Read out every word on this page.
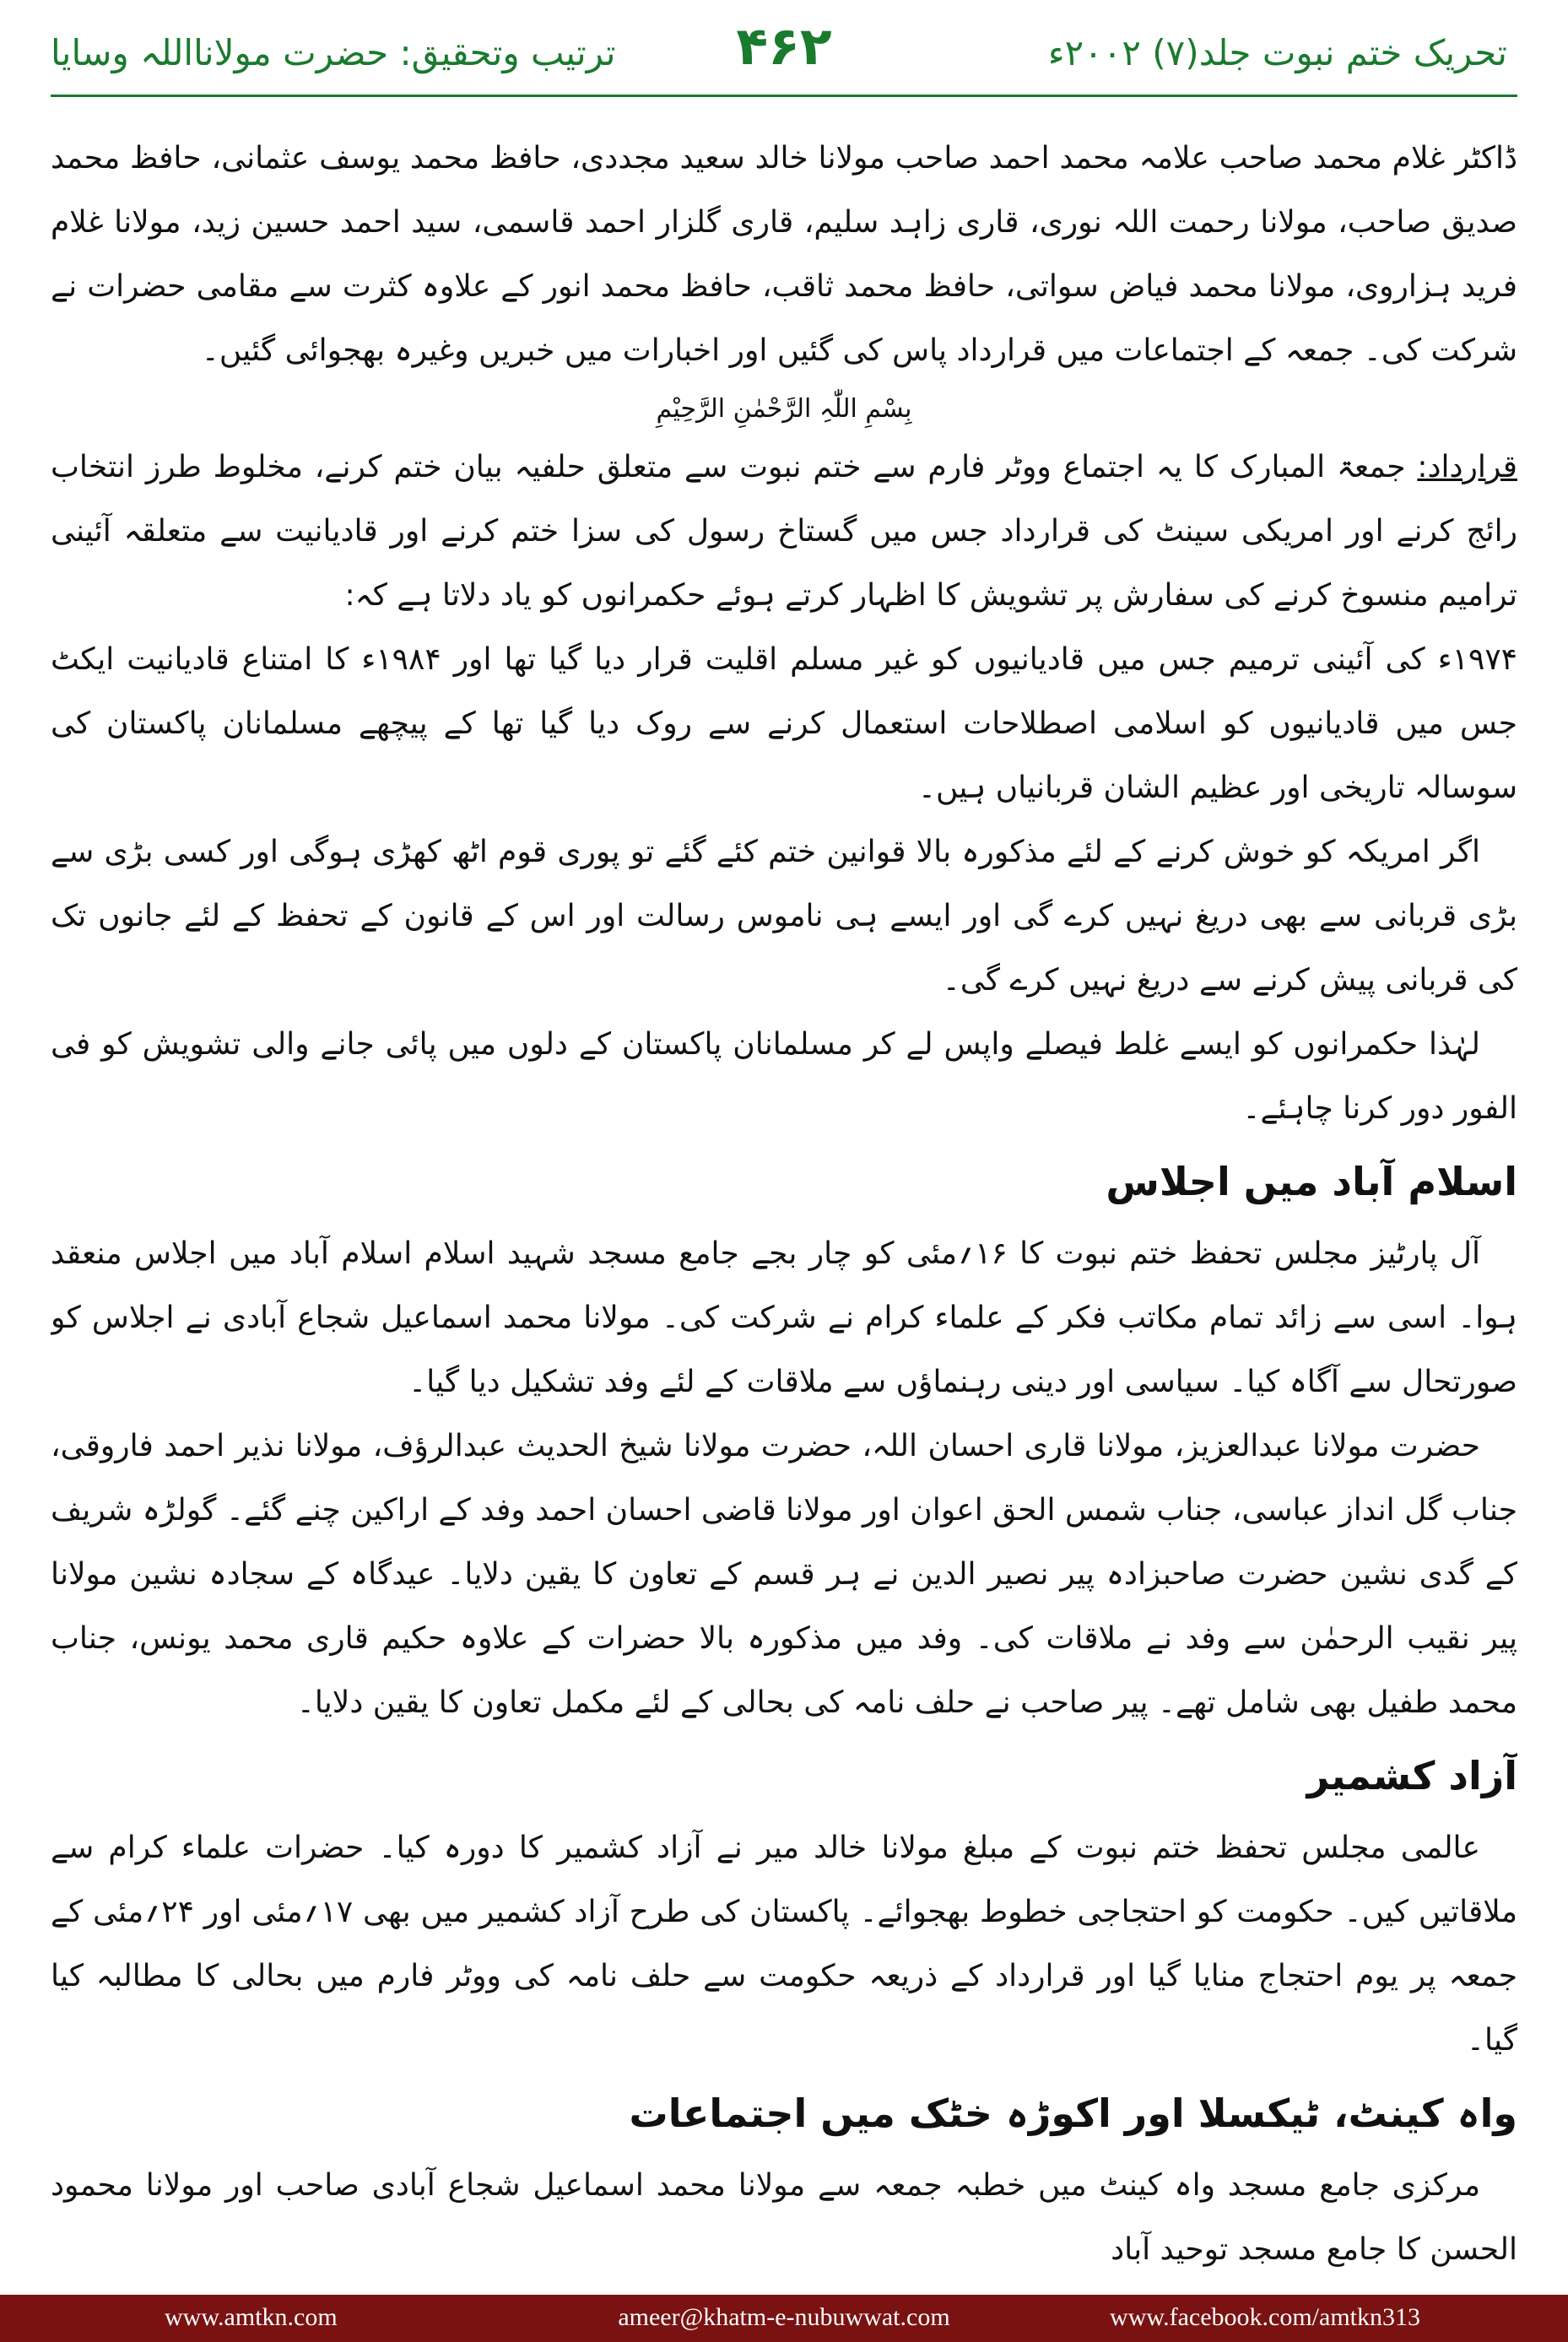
تحریک ختم نبوت جلد(۷) ۲۰۰۲ء
۴۶۲
ترتیب وتحقیق: حضرت مولانااللہ وسایا

ڈاکٹر غلام محمد صاحب علامہ محمد احمد صاحب مولانا خالد سعید مجددی، حافظ محمد یوسف عثمانی، حافظ محمد صدیق صاحب، مولانا رحمت اللہ نوری، قاری زاہد سلیم، قاری گلزار احمد قاسمی، سید احمد حسین زید، مولانا غلام فرید ہزاروی، مولانا محمد فیاض سواتی، حافظ محمد ثاقب، حافظ محمد انور کے علاوہ کثرت سے مقامی حضرات نے شرکت کی۔ جمعہ کے اجتماعات میں قرارداد پاس کی گئیں اور اخبارات میں خبریں وغیرہ بھجوائی گئیں۔

بِسْمِ اللّٰہِ الرَّحْمٰنِ الرَّحِیْمِ

قرارداد: جمعۃ المبارک کا یہ اجتماع ووٹر فارم سے ختم نبوت سے متعلق حلفیہ بیان ختم کرنے، مخلوط طرز انتخاب رائج کرنے اور امریکی سینٹ کی قرارداد جس میں گستاخ رسول کی سزا ختم کرنے اور قادیانیت سے متعلقہ آئینی ترامیم منسوخ کرنے کی سفارش پر تشویش کا اظہار کرتے ہوئے حکمرانوں کو یاد دلاتا ہے کہ:

۱۹۷۴ء کی آئینی ترمیم جس میں قادیانیوں کو غیر مسلم اقلیت قرار دیا گیا تھا اور ۱۹۸۴ء کا امتناع قادیانیت ایکٹ جس میں قادیانیوں کو اسلامی اصطلاحات استعمال کرنے سے روک دیا گیا تھا کے پیچھے مسلمانان پاکستان کی سوسالہ تاریخی اور عظیم الشان قربانیاں ہیں۔

اگر امریکہ کو خوش کرنے کے لئے مذکورہ بالا قوانین ختم کئے گئے تو پوری قوم اٹھ کھڑی ہوگی اور کسی بڑی سے بڑی قربانی سے بھی دریغ نہیں کرے گی اور ایسے ہی ناموس رسالت اور اس کے قانون کے تحفظ کے لئے جانوں تک کی قربانی پیش کرنے سے دریغ نہیں کرے گی۔

لہٰذا حکمرانوں کو ایسے غلط فیصلے واپس لے کر مسلمانان پاکستان کے دلوں میں پائی جانے والی تشویش کو فی الفور دور کرنا چاہئے۔

اسلام آباد میں اجلاس

آل پارٹیز مجلس تحفظ ختم نبوت کا ۱۶؍مئی کو چار بجے جامع مسجد شہید اسلام اسلام آباد میں اجلاس منعقد ہوا۔ اسی سے زائد تمام مکاتب فکر کے علماء کرام نے شرکت کی۔ مولانا محمد اسماعیل شجاع آبادی نے اجلاس کو صورتحال سے آگاہ کیا۔ سیاسی اور دینی رہنماؤں سے ملاقات کے لئے وفد تشکیل دیا گیا۔

حضرت مولانا عبدالعزیز، مولانا قاری احسان اللہ، حضرت مولانا شیخ الحدیث عبدالرؤف، مولانا نذیر احمد فاروقی، جناب گل انداز عباسی، جناب شمس الحق اعوان اور مولانا قاضی احسان احمد وفد کے اراکین چنے گئے۔ گولڑہ شریف کے گدی نشین حضرت صاحبزادہ پیر نصیر الدین نے ہر قسم کے تعاون کا یقین دلایا۔ عیدگاہ کے سجادہ نشین مولانا پیر نقیب الرحمٰن سے وفد نے ملاقات کی۔ وفد میں مذکورہ بالا حضرات کے علاوہ حکیم قاری محمد یونس، جناب محمد طفیل بھی شامل تھے۔ پیر صاحب نے حلف نامہ کی بحالی کے لئے مکمل تعاون کا یقین دلایا۔

آزاد کشمیر

عالمی مجلس تحفظ ختم نبوت کے مبلغ مولانا خالد میر نے آزاد کشمیر کا دورہ کیا۔ حضرات علماء کرام سے ملاقاتیں کیں۔ حکومت کو احتجاجی خطوط بھجوائے۔ پاکستان کی طرح آزاد کشمیر میں بھی ۱۷؍مئی اور ۲۴؍مئی کے جمعہ پر یوم احتجاج منایا گیا اور قرارداد کے ذریعہ حکومت سے حلف نامہ کی ووٹر فارم میں بحالی کا مطالبہ کیا گیا۔

واہ کینٹ، ٹیکسلا اور اکوڑہ خٹک میں اجتماعات

مرکزی جامع مسجد واہ کینٹ میں خطبہ جمعہ سے مولانا محمد اسماعیل شجاع آبادی صاحب اور مولانا محمود الحسن کا جامع مسجد توحید آباد

www.amtkn.com	ameer@khatm-e-nubuwwat.com	www.facebook.com/amtkn313
